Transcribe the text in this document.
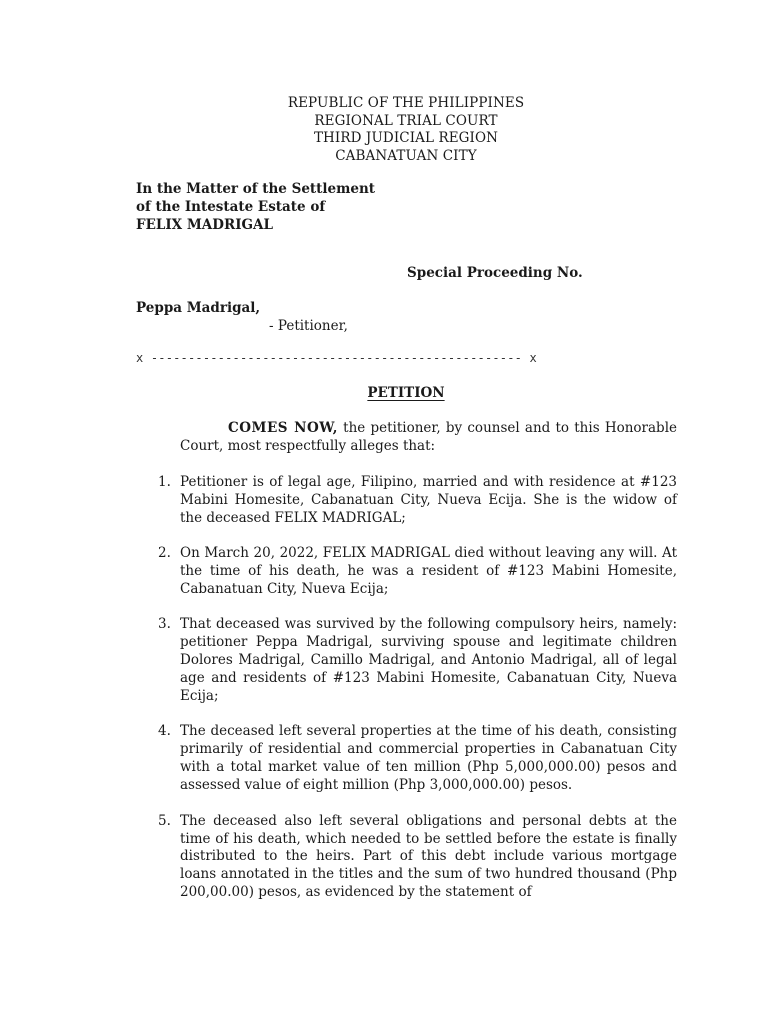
REPUBLIC OF THE PHILIPPINES
REGIONAL TRIAL COURT
THIRD JUDICIAL REGION
CABANATUAN CITY
In the Matter of the Settlement
of the Intestate Estate of
FELIX MADRIGAL
Special Proceeding No.
Peppa Madrigal,
- Petitioner,
x -------------------------------------------------- x
PETITION
COMES NOW, the petitioner, by counsel and to this Honorable Court, most respectfully alleges that:
1. Petitioner is of legal age, Filipino, married and with residence at #123 Mabini Homesite, Cabanatuan City, Nueva Ecija. She is the widow of the deceased FELIX MADRIGAL;
2. On March 20, 2022, FELIX MADRIGAL died without leaving any will. At the time of his death, he was a resident of #123 Mabini Homesite, Cabanatuan City, Nueva Ecija;
3. That deceased was survived by the following compulsory heirs, namely: petitioner Peppa Madrigal, surviving spouse and legitimate children Dolores Madrigal, Camillo Madrigal, and Antonio Madrigal, all of legal age and residents of #123 Mabini Homesite, Cabanatuan City, Nueva Ecija;
4. The deceased left several properties at the time of his death, consisting primarily of residential and commercial properties in Cabanatuan City with a total market value of ten million (Php 5,000,000.00) pesos and assessed value of eight million (Php 3,000,000.00) pesos.
5. The deceased also left several obligations and personal debts at the time of his death, which needed to be settled before the estate is finally distributed to the heirs. Part of this debt include various mortgage loans annotated in the titles and the sum of two hundred thousand (Php 200,00.00) pesos, as evidenced by the statement of
